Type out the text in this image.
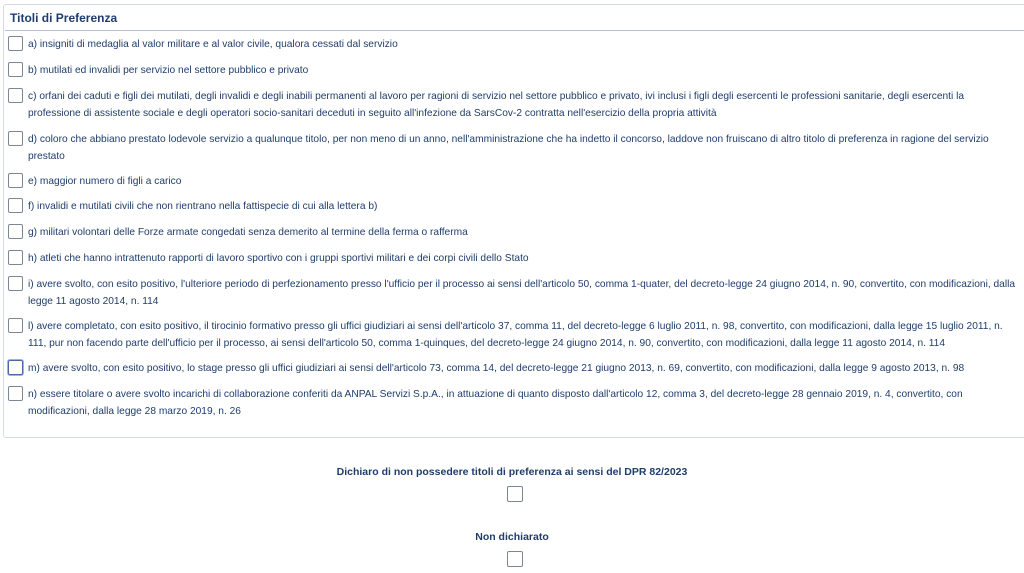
Titoli di Preferenza
a) insigniti di medaglia al valor militare e al valor civile, qualora cessati dal servizio
b) mutilati ed invalidi per servizio nel settore pubblico e privato
c) orfani dei caduti e figli dei mutilati, degli invalidi e degli inabili permanenti al lavoro per ragioni di servizio nel settore pubblico e privato, ivi inclusi i figli degli esercenti le professioni sanitarie, degli esercenti la professione di assistente sociale e degli operatori socio-sanitari deceduti in seguito all'infezione da SarsCov-2 contratta nell'esercizio della propria attività
d) coloro che abbiano prestato lodevole servizio a qualunque titolo, per non meno di un anno, nell'amministrazione che ha indetto il concorso, laddove non fruiscano di altro titolo di preferenza in ragione del servizio prestato
e) maggior numero di figli a carico
f) invalidi e mutilati civili che non rientrano nella fattispecie di cui alla lettera b)
g) militari volontari delle Forze armate congedati senza demerito al termine della ferma o rafferma
h) atleti che hanno intrattenuto rapporti di lavoro sportivo con i gruppi sportivi militari e dei corpi civili dello Stato
i) avere svolto, con esito positivo, l'ulteriore periodo di perfezionamento presso l'ufficio per il processo ai sensi dell'articolo 50, comma 1-quater, del decreto-legge 24 giugno 2014, n. 90, convertito, con modificazioni, dalla legge 11 agosto 2014, n. 114
l) avere completato, con esito positivo, il tirocinio formativo presso gli uffici giudiziari ai sensi dell'articolo 37, comma 11, del decreto-legge 6 luglio 2011, n. 98, convertito, con modificazioni, dalla legge 15 luglio 2011, n. 111, pur non facendo parte dell'ufficio per il processo, ai sensi dell'articolo 50, comma 1-quinques, del decreto-legge 24 giugno 2014, n. 90, convertito, con modificazioni, dalla legge 11 agosto 2014, n. 114
m) avere svolto, con esito positivo, lo stage presso gli uffici giudiziari ai sensi dell'articolo 73, comma 14, del decreto-legge 21 giugno 2013, n. 69, convertito, con modificazioni, dalla legge 9 agosto 2013, n. 98
n) essere titolare o avere svolto incarichi di collaborazione conferiti da ANPAL Servizi S.p.A., in attuazione di quanto disposto dall'articolo 12, comma 3, del decreto-legge 28 gennaio 2019, n. 4, convertito, con modificazioni, dalla legge 28 marzo 2019, n. 26
Dichiaro di non possedere titoli di preferenza ai sensi del DPR 82/2023
Non dichiarato
